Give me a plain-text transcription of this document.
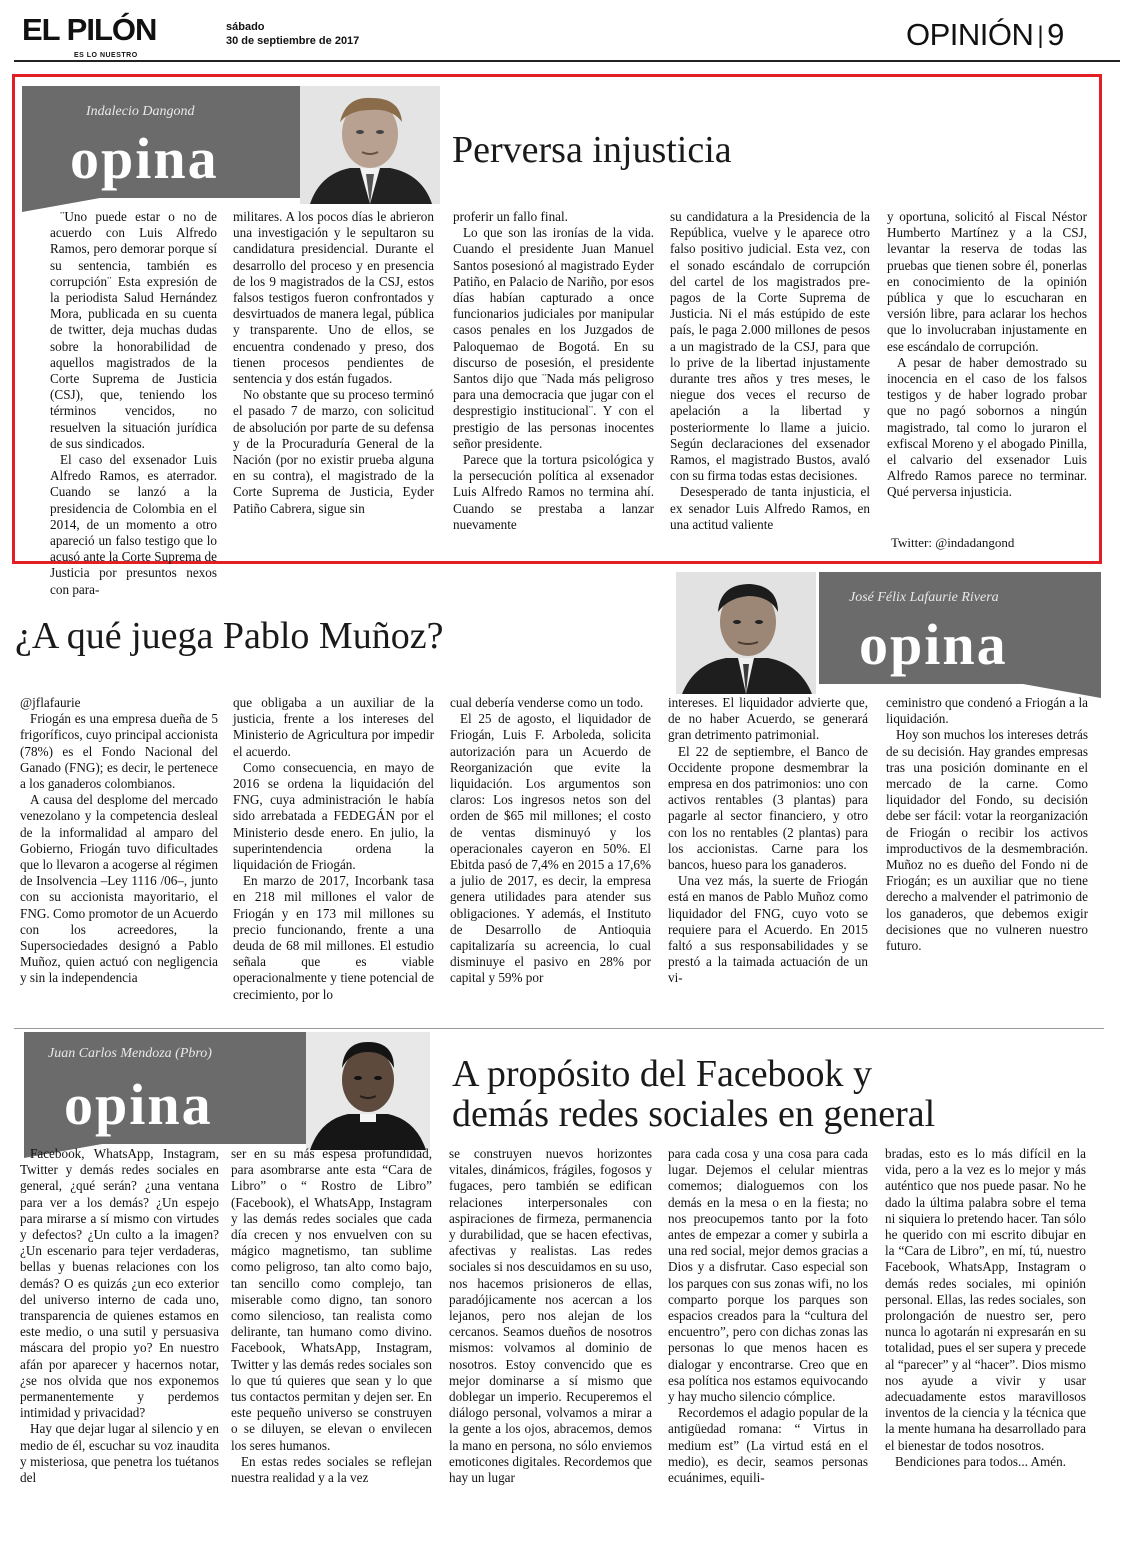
EL PILÓN
ES LO NUESTRO
sábado
30 de septiembre de 2017	OPINIÓN | 9
Indalecio Dangond
opina	Perversa injusticia

¨Uno puede estar o no de acuerdo con Luis Alfredo Ramos, pero demorar porque sí su sentencia, también es corrupción¨ Esta expresión de la periodista Salud Hernández Mora, publicada en su cuenta de twitter, deja muchas dudas sobre la honorabilidad de aquellos magistrados de la Corte Suprema de Justicia (CSJ), que, teniendo los términos vencidos, no resuelven la situación jurídica de sus sindicados.

El caso del exsenador Luis Alfredo Ramos, es aterrador. Cuando se lanzó a la presidencia de Colombia en el 2014, de un momento a otro apareció un falso testigo que lo acusó ante la Corte Suprema de Justicia por presuntos nexos con para-

militares. A los pocos días le abrieron una investigación y le sepultaron su candidatura presidencial. Durante el desarrollo del proceso y en presencia de los 9 magistrados de la CSJ, estos falsos testigos fueron confrontados y desvirtuados de manera legal, pública y transparente. Uno de ellos, se encuentra condenado y preso, dos tienen procesos pendientes de sentencia y dos están fugados.

No obstante que su proceso terminó el pasado 7 de marzo, con solicitud de absolución por parte de su defensa y de la Procuraduría General de la Nación (por no existir prueba alguna en su contra), el magistrado de la Corte Suprema de Justicia, Eyder Patiño Cabrera, sigue sin

proferir un fallo final.

Lo que son las ironías de la vida. Cuando el presidente Juan Manuel Santos posesionó al magistrado Eyder Patiño, en Palacio de Nariño, por esos días habían capturado a once funcionarios judiciales por manipular casos penales en los Juzgados de Paloquemao de Bogotá. En su discurso de posesión, el presidente Santos dijo que ¨Nada más peligroso para una democracia que jugar con el desprestigio institucional¨. Y con el prestigio de las personas inocentes señor presidente.

Parece que la tortura psicológica y la persecución política al exsenador Luis Alfredo Ramos no termina ahí. Cuando se prestaba a lanzar nuevamente

su candidatura a la Presidencia de la República, vuelve y le aparece otro falso positivo judicial. Esta vez, con el sonado escándalo de corrupción del cartel de los magistrados pre-pagos de la Corte Suprema de Justicia. Ni el más estúpido de este país, le paga 2.000 millones de pesos a un magistrado de la CSJ, para que lo prive de la libertad injustamente durante tres años y tres meses, le niegue dos veces el recurso de apelación a la libertad y posteriormente lo llame a juicio. Según declaraciones del exsenador Ramos, el magistrado Bustos, avaló con su firma todas estas decisiones.

Desesperado de tanta injusticia, el ex senador Luis Alfredo Ramos, en una actitud valiente

y oportuna, solicitó al Fiscal Néstor Humberto Martínez y a la CSJ, levantar la reserva de todas las pruebas que tienen sobre él, ponerlas en conocimiento de la opinión pública y que lo escucharan en versión libre, para aclarar los hechos que lo involucraban injustamente en ese escándalo de corrupción.

A pesar de haber demostrado su inocencia en el caso de los falsos testigos y de haber logrado probar que no pagó sobornos a ningún magistrado, tal como lo juraron el exfiscal Moreno y el abogado Pinilla, el calvario del exsenador Luis Alfredo Ramos parece no terminar. Qué perversa injusticia.

Twitter: @indadangond
¿A qué juega Pablo Muñoz?
José Félix Lafaurie Rivera
opina

@jflafaurie

Friogán es una empresa dueña de 5 frigoríficos, cuyo principal accionista (78%) es el Fondo Nacional del Ganado (FNG); es decir, le pertenece a los ganaderos colombianos.

A causa del desplome del mercado venezolano y la competencia desleal de la informalidad al amparo del Gobierno, Friogán tuvo dificultades que lo llevaron a acogerse al régimen de Insolvencia –Ley 1116 /06–, junto con su accionista mayoritario, el FNG. Como promotor de un Acuerdo con los acreedores, la Supersociedades designó a Pablo Muñoz, quien actuó con negligencia y sin la independencia

que obligaba a un auxiliar de la justicia, frente a los intereses del Ministerio de Agricultura por impedir el acuerdo.

Como consecuencia, en mayo de 2016 se ordena la liquidación del FNG, cuya administración le había sido arrebatada a FEDEGÁN por el Ministerio desde enero. En julio, la superintendencia ordena la liquidación de Friogán.

En marzo de 2017, Incorbank tasa en 218 mil millones el valor de Friogán y en 173 mil millones su precio funcionando, frente a una deuda de 68 mil millones. El estudio señala que es viable operacionalmente y tiene potencial de crecimiento, por lo

cual debería venderse como un todo.

El 25 de agosto, el liquidador de Friogán, Luis F. Arboleda, solicita autorización para un Acuerdo de Reorganización que evite la liquidación. Los argumentos son claros: Los ingresos netos son del orden de $65 mil millones; el costo de ventas disminuyó y los operacionales cayeron en 50%. El Ebitda pasó de 7,4% en 2015 a 17,6% a julio de 2017, es decir, la empresa genera utilidades para atender sus obligaciones. Y además, el Instituto de Desarrollo de Antioquia capitalizaría su acreencia, lo cual disminuye el pasivo en 28% por capital y 59% por

intereses. El liquidador advierte que, de no haber Acuerdo, se generará gran detrimento patrimonial.

El 22 de septiembre, el Banco de Occidente propone desmembrar la empresa en dos patrimonios: uno con activos rentables (3 plantas) para pagarle al sector financiero, y otro con los no rentables (2 plantas) para los accionistas. Carne para los bancos, hueso para los ganaderos.

Una vez más, la suerte de Friogán está en manos de Pablo Muñoz como liquidador del FNG, cuyo voto se requiere para el Acuerdo. En 2015 faltó a sus responsabilidades y se prestó a la taimada actuación de un vi-

ceministro que condenó a Friogán a la liquidación.

Hoy son muchos los intereses detrás de su decisión. Hay grandes empresas tras una posición dominante en el mercado de la carne. Como liquidador del Fondo, su decisión debe ser fácil: votar la reorganización de Friogán o recibir los activos improductivos de la desmembración. Muñoz no es dueño del Fondo ni de Friogán; es un auxiliar que no tiene derecho a malvender el patrimonio de los ganaderos, que debemos exigir decisiones que no vulneren nuestro futuro.

Juan Carlos Mendoza (Pbro)
opina	A propósito del Facebook y
demás redes sociales en general

Facebook, WhatsApp, Instagram, Twitter y demás redes sociales en general, ¿qué serán? ¿una ventana para ver a los demás? ¿Un espejo para mirarse a sí mismo con virtudes y defectos? ¿Un culto a la imagen? ¿Un escenario para tejer verdaderas, bellas y buenas relaciones con los demás? O es quizás ¿un eco exterior del universo interno de cada uno, transparencia de quienes estamos en este medio, o una sutil y persuasiva máscara del propio yo? En nuestro afán por aparecer y hacernos notar, ¿se nos olvida que nos exponemos permanentemente y perdemos intimidad y privacidad?

Hay que dejar lugar al silencio y en medio de él, escuchar su voz inaudita y misteriosa, que penetra los tuétanos del

ser en su más espesa profundidad, para asombrarse ante esta “Cara de Libro” o “ Rostro de Libro” (Facebook), el WhatsApp, Instagram y las demás redes sociales que cada día crecen y nos envuelven con su mágico magnetismo, tan sublime como peligroso, tan alto como bajo, tan sencillo como complejo, tan miserable como digno, tan sonoro como silencioso, tan realista como delirante, tan humano como divino. Facebook, WhatsApp, Instagram, Twitter y las demás redes sociales son lo que tú quieres que sean y lo que tus contactos permitan y dejen ser. En este pequeño universo se construyen o se diluyen, se elevan o envilecen los seres humanos.

En estas redes sociales se reflejan nuestra realidad y a la vez

se construyen nuevos horizontes vitales, dinámicos, frágiles, fogosos y fugaces, pero también se edifican relaciones interpersonales con aspiraciones de firmeza, permanencia y durabilidad, que se hacen efectivas, afectivas y realistas. Las redes sociales si nos descuidamos en su uso, nos hacemos prisioneros de ellas, paradójicamente nos acercan a los lejanos, pero nos alejan de los cercanos. Seamos dueños de nosotros mismos: volvamos al dominio de nosotros. Estoy convencido que es mejor dominarse a sí mismo que doblegar un imperio. Recuperemos el diálogo personal, volvamos a mirar a la gente a los ojos, abracemos, demos la mano en persona, no sólo enviemos emoticones digitales. Recordemos que hay un lugar

para cada cosa y una cosa para cada lugar. Dejemos el celular mientras comemos; dialoguemos con los demás en la mesa o en la fiesta; no nos preocupemos tanto por la foto antes de empezar a comer y subirla a una red social, mejor demos gracias a Dios y a disfrutar. Caso especial son los parques con sus zonas wifi, no los comparto porque los parques son espacios creados para la “cultura del encuentro”, pero con dichas zonas las personas lo que menos hacen es dialogar y encontrarse. Creo que en esa política nos estamos equivocando y hay mucho silencio cómplice.

Recordemos el adagio popular de la antigüedad romana: “ Virtus in medium est” (La virtud está en el medio), es decir, seamos personas ecuánimes, equili-

bradas, esto es lo más difícil en la vida, pero a la vez es lo mejor y más auténtico que nos puede pasar. No he dado la última palabra sobre el tema ni siquiera lo pretendo hacer. Tan sólo he querido con mi escrito dibujar en la “Cara de Libro”, en mí, tú, nuestro Facebook, WhatsApp, Instagram o demás redes sociales, mi opinión personal. Ellas, las redes sociales, son prolongación de nuestro ser, pero nunca lo agotarán ni expresarán en su totalidad, pues el ser supera y precede al “parecer” y al “hacer”. Dios mismo nos ayude a vivir y usar adecuadamente estos maravillosos inventos de la ciencia y la técnica que la mente humana ha desarrollado para el bienestar de todos nosotros.

Bendiciones para todos... Amén.
